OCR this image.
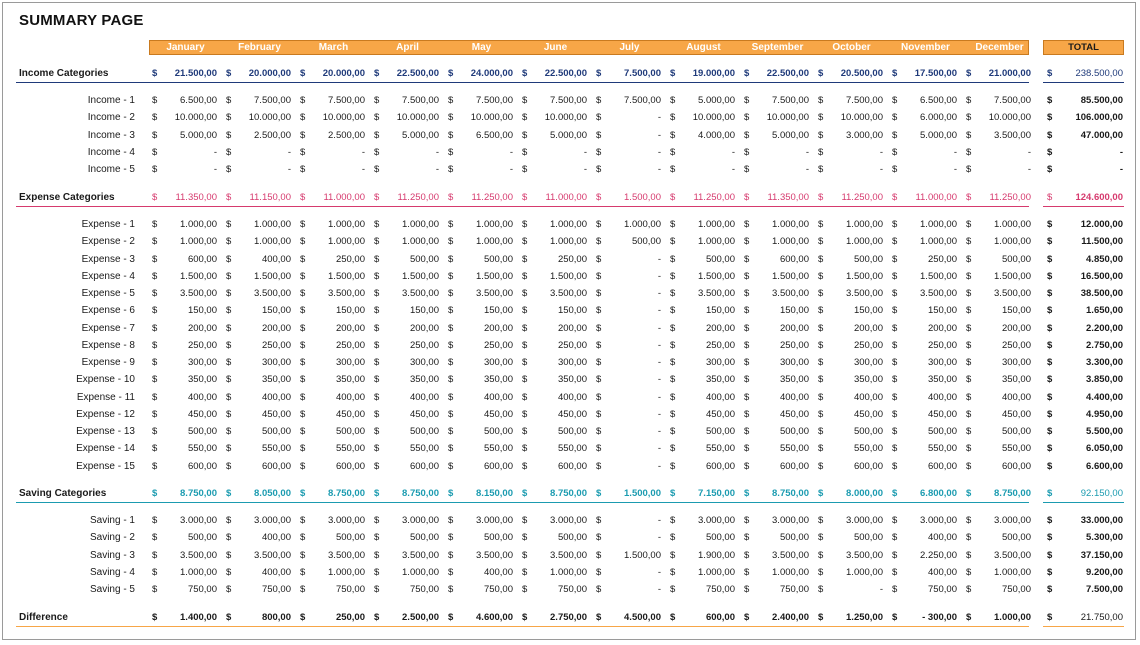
SUMMARY PAGE
January	February	March	April	May	June	July	August	September	October	November	December	TOTAL
Income Categories	$	21.500,00 $	20.000,00 $	20.000,00 $	22.500,00 $	24.000,00 $	22.500,00 $	7.500,00 $	19.000,00 $	22.500,00 $	20.500,00 $	17.500,00 $	21.000,00 $	238.500,00
Income - 1 $	6.500,00 $	7.500,00 $	7.500,00 $	7.500,00 $	7.500,00 $	7.500,00 $	7.500,00 $	5.000,00 $	7.500,00 $	7.500,00 $	6.500,00 $	7.500,00 $	85.500,00
Income - 2 $	10.000,00 $	10.000,00 $	10.000,00 $	10.000,00 $	10.000,00 $	10.000,00 $	- $	10.000,00 $	10.000,00 $	10.000,00 $	6.000,00 $	10.000,00 $	106.000,00
Income - 3 $	5.000,00 $	2.500,00 $	2.500,00 $	5.000,00 $	6.500,00 $	5.000,00 $	- $	4.000,00 $	5.000,00 $	3.000,00 $	5.000,00 $	3.500,00 $	47.000,00
Income - 4 $	- $	- $	- $	- $	- $	- $	- $	- $	- $	- $	- $	- $	-
Income - 5 $	- $	- $	- $	- $	- $	- $	- $	- $	- $	- $	- $	- $	-
Expense Categories	$	11.350,00 $	11.150,00 $	11.000,00 $	11.250,00 $	11.250,00 $	11.000,00 $	1.500,00 $	11.250,00 $	11.350,00 $	11.250,00 $	11.000,00 $	11.250,00 $	124.600,00
Expense - 1 $	1.000,00 $	1.000,00 $	1.000,00 $	1.000,00 $	1.000,00 $	1.000,00 $	1.000,00 $	1.000,00 $	1.000,00 $	1.000,00 $	1.000,00 $	1.000,00 $	12.000,00
Expense - 2 $	1.000,00 $	1.000,00 $	1.000,00 $	1.000,00 $	1.000,00 $	1.000,00 $	500,00 $	1.000,00 $	1.000,00 $	1.000,00 $	1.000,00 $	1.000,00 $	11.500,00
Expense - 3 $	600,00 $	400,00 $	250,00 $	500,00 $	500,00 $	250,00 $	- $	500,00 $	600,00 $	500,00 $	250,00 $	500,00 $	4.850,00
Expense - 4 $	1.500,00 $	1.500,00 $	1.500,00 $	1.500,00 $	1.500,00 $	1.500,00 $	- $	1.500,00 $	1.500,00 $	1.500,00 $	1.500,00 $	1.500,00 $	16.500,00
Expense - 5 $	3.500,00 $	3.500,00 $	3.500,00 $	3.500,00 $	3.500,00 $	3.500,00 $	- $	3.500,00 $	3.500,00 $	3.500,00 $	3.500,00 $	3.500,00 $	38.500,00
Expense - 6 $	150,00 $	150,00 $	150,00 $	150,00 $	150,00 $	150,00 $	- $	150,00 $	150,00 $	150,00 $	150,00 $	150,00 $	1.650,00
Expense - 7 $	200,00 $	200,00 $	200,00 $	200,00 $	200,00 $	200,00 $	- $	200,00 $	200,00 $	200,00 $	200,00 $	200,00 $	2.200,00
Expense - 8 $	250,00 $	250,00 $	250,00 $	250,00 $	250,00 $	250,00 $	- $	250,00 $	250,00 $	250,00 $	250,00 $	250,00 $	2.750,00
Expense - 9 $	300,00 $	300,00 $	300,00 $	300,00 $	300,00 $	300,00 $	- $	300,00 $	300,00 $	300,00 $	300,00 $	300,00 $	3.300,00
Expense - 10 $	350,00 $	350,00 $	350,00 $	350,00 $	350,00 $	350,00 $	- $	350,00 $	350,00 $	350,00 $	350,00 $	350,00 $	3.850,00
Expense - 11 $	400,00 $	400,00 $	400,00 $	400,00 $	400,00 $	400,00 $	- $	400,00 $	400,00 $	400,00 $	400,00 $	400,00 $	4.400,00
Expense - 12 $	450,00 $	450,00 $	450,00 $	450,00 $	450,00 $	450,00 $	- $	450,00 $	450,00 $	450,00 $	450,00 $	450,00 $	4.950,00
Expense - 13 $	500,00 $	500,00 $	500,00 $	500,00 $	500,00 $	500,00 $	- $	500,00 $	500,00 $	500,00 $	500,00 $	500,00 $	5.500,00
Expense - 14 $	550,00 $	550,00 $	550,00 $	550,00 $	550,00 $	550,00 $	- $	550,00 $	550,00 $	550,00 $	550,00 $	550,00 $	6.050,00
Expense - 15 $	600,00 $	600,00 $	600,00 $	600,00 $	600,00 $	600,00 $	- $	600,00 $	600,00 $	600,00 $	600,00 $	600,00 $	6.600,00
Saving Categories	$	8.750,00 $	8.050,00 $	8.750,00 $	8.750,00 $	8.150,00 $	8.750,00 $	1.500,00 $	7.150,00 $	8.750,00 $	8.000,00 $	6.800,00 $	8.750,00 $	92.150,00
Saving - 1 $	3.000,00 $	3.000,00 $	3.000,00 $	3.000,00 $	3.000,00 $	3.000,00 $	- $	3.000,00 $	3.000,00 $	3.000,00 $	3.000,00 $	3.000,00 $	33.000,00
Saving - 2 $	500,00 $	400,00 $	500,00 $	500,00 $	500,00 $	500,00 $	- $	500,00 $	500,00 $	500,00 $	400,00 $	500,00 $	5.300,00
Saving - 3 $	3.500,00 $	3.500,00 $	3.500,00 $	3.500,00 $	3.500,00 $	3.500,00 $	1.500,00 $	1.900,00 $	3.500,00 $	3.500,00 $	2.250,00 $	3.500,00 $	37.150,00
Saving - 4 $	1.000,00 $	400,00 $	1.000,00 $	1.000,00 $	400,00 $	1.000,00 $	- $	1.000,00 $	1.000,00 $	1.000,00 $	400,00 $	1.000,00 $	9.200,00
Saving - 5 $	750,00 $	750,00 $	750,00 $	750,00 $	750,00 $	750,00 $	- $	750,00 $	750,00 $	- $	750,00 $	750,00 $	7.500,00
Difference	$	1.400,00 $	800,00 $	250,00 $	2.500,00 $	4.600,00 $	2.750,00 $	4.500,00 $	600,00 $	2.400,00 $	1.250,00 $	- 300,00 $	1.000,00 $	21.750,00
